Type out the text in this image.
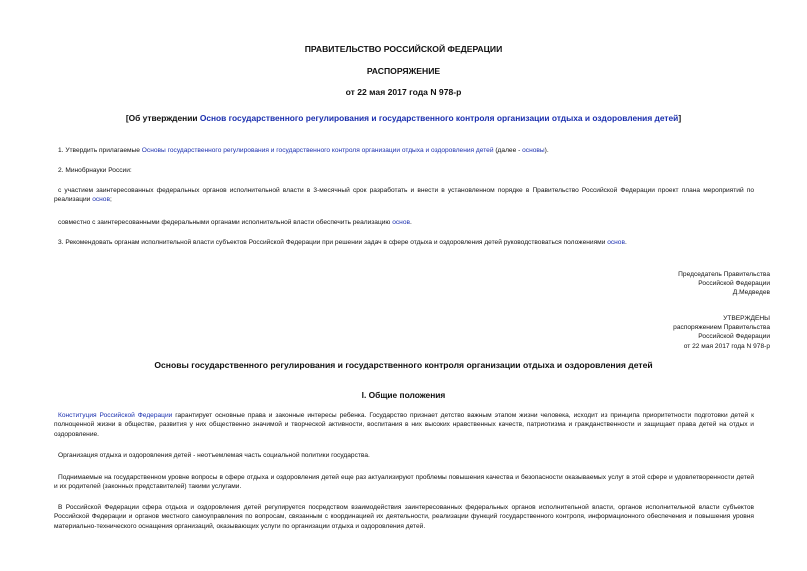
ПРАВИТЕЛЬСТВО РОССИЙСКОЙ ФЕДЕРАЦИИ
РАСПОРЯЖЕНИЕ
от 22 мая 2017 года N 978-р
[Об утверждении Основ государственного регулирования и государственного контроля организации отдыха и оздоровления детей]
1. Утвердить прилагаемые Основы государственного регулирования и государственного контроля организации отдыха и оздоровления детей (далее - основы).
2. Минобрнауки России:
с участием заинтересованных федеральных органов исполнительной власти в 3-месячный срок разработать и внести в установленном порядке в Правительство Российской Федерации проект плана мероприятий по реализации основ;
совместно с заинтересованными федеральными органами исполнительной власти обеспечить реализацию основ.
3. Рекомендовать органам исполнительной власти субъектов Российской Федерации при решении задач в сфере отдыха и оздоровления детей руководствоваться положениями основ.
Председатель Правительства
Российской Федерации
Д.Медведев
УТВЕРЖДЕНЫ
распоряжением Правительства
Российской Федерации
от 22 мая 2017 года N 978-р
Основы государственного регулирования и государственного контроля организации отдыха и оздоровления детей
I. Общие положения
Конституция Российской Федерации гарантирует основные права и законные интересы ребенка. Государство признает детство важным этапом жизни человека, исходит из принципа приоритетности подготовки детей к полноценной жизни в обществе, развития у них общественно значимой и творческой активности, воспитания в них высоких нравственных качеств, патриотизма и гражданственности и защищает права детей на отдых и оздоровление.
Организация отдыха и оздоровления детей - неотъемлемая часть социальной политики государства.
Поднимаемые на государственном уровне вопросы в сфере отдыха и оздоровления детей еще раз актуализируют проблемы повышения качества и безопасности оказываемых услуг в этой сфере и удовлетворенности детей и их родителей (законных представителей) такими услугами.
В Российской Федерации сфера отдыха и оздоровления детей регулируется посредством взаимодействия заинтересованных федеральных органов исполнительной власти, органов исполнительной власти субъектов Российской Федерации и органов местного самоуправления по вопросам, связанным с координацией их деятельности, реализации функций государственного контроля, информационного обеспечения и повышения уровня материально-технического оснащения организаций, оказывающих услуги по организации отдыха и оздоровления детей.
